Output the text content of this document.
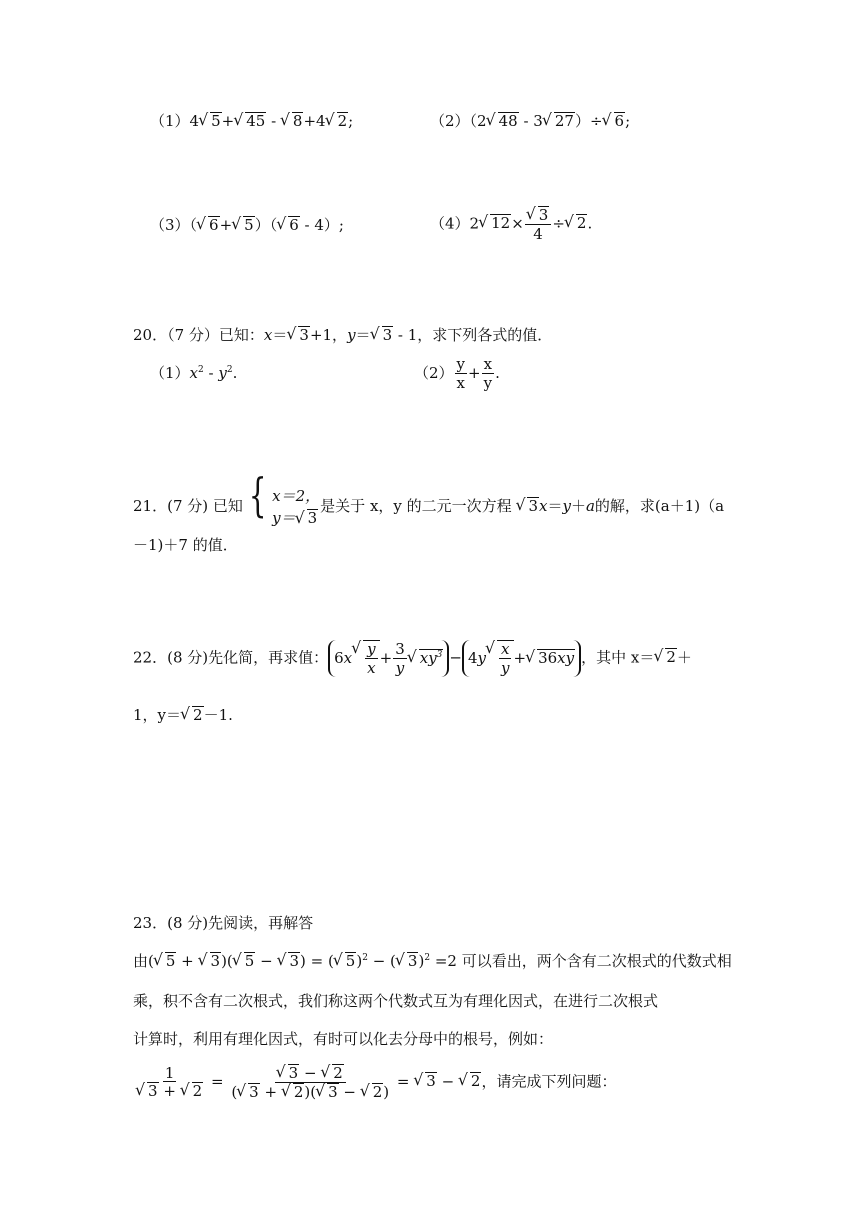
（1）4 √ 5+ √ 45 - √ 8+4 √ 2;	（2）（2 √ 48 - 3 √ 27）÷ √ 6;
（3）（ √ 6+ √ 5）（ √ 6 - 4）;	（4）2 √ 12× √ $\frac{3}{4}$ ÷ √ 2.
20．（7 分）已知：x＝ √ 3+1，y＝ √ 3 - 1，求下列各式的值．
$(1)x^2 - y^2$.	$(2) \frac{y}{x} + \frac{x}{y}$ .
21．(7 分) 已知 { x＝2，
y＝ √ 3
是关于 x，y 的二元一次方程 √ 3x＝y＋a的解，求(a＋1)（a
－1)＋7 的值．
22．(8 分)先化简，再求值： 6x √ $\frac{y}{x} + \frac{3}{y}$ √ $xy^3 - 4y$ √ $\frac{x}{y}$ + √ 36xy ，其中 x＝ √ 2＋
1，y＝ √ 2－1.
23．(8 分)先阅读，再解答
由( √ 5 + √ 3)( √ 5 − √ 3) = ( √ 5)$^2$ − ( √ 3)$^2$ =2 可以看出，两个含有二次根式的代数式相
乘，积不含有二次根式，我们称这两个代数式互为有理化因式，在进行二次根式
计算时，利用有理化因式，有时可以化去分母中的根号，例如：
1
√ 3 + √ 2 = √ $\frac{3 - √ 2}{( √ 3 + √ 2)( √ 3 - √ 2)}$ = √ 3 − √ 2，请完成下列问题：
